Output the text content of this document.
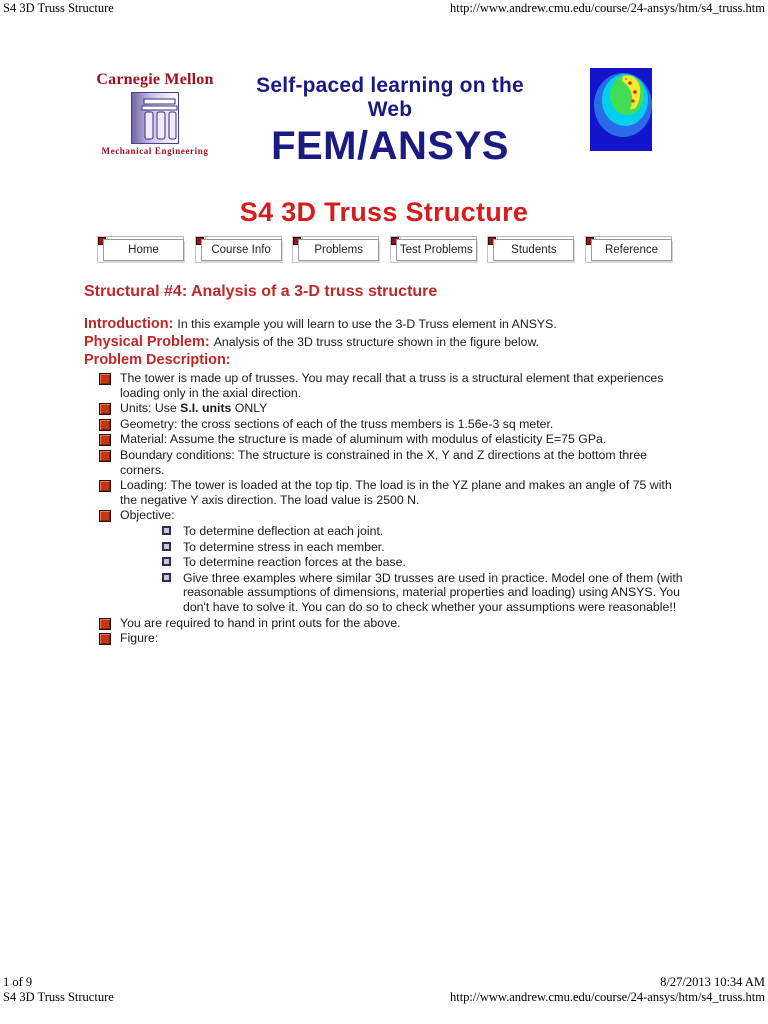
S4 3D Truss Structure	http://www.andrew.cmu.edu/course/24-ansys/htm/s4_truss.htm
Carnegie Mellon
Mechanical Engineering
Self-paced learning on the Web
FEM/ANSYS
S4 3D Truss Structure
Home	Course Info	Problems	Test Problems	Students	Reference
Structural #4: Analysis of a 3-D truss structure

Introduction: In this example you will learn to use the 3-D Truss element in ANSYS.

Physical Problem: Analysis of the 3D truss structure shown in the figure below.

Problem Description:

The tower is made up of trusses. You may recall that a truss is a structural element that experiences loading only in the axial direction.
Units: Use S.I. units ONLY
Geometry: the cross sections of each of the truss members is 1.56e-3 sq meter.
Material: Assume the structure is made of aluminum with modulus of elasticity E=75 GPa.
Boundary conditions: The structure is constrained in the X, Y and Z directions at the bottom three corners.
Loading: The tower is loaded at the top tip. The load is in the YZ plane and makes an angle of 75 with the negative Y axis direction. The load value is 2500 N.
Objective:
To determine deflection at each joint.
To determine stress in each member.
To determine reaction forces at the base.
Give three examples where similar 3D trusses are used in practice. Model one of them (with reasonable assumptions of dimensions, material properties and loading) using ANSYS. You don't have to solve it. You can do so to check whether your assumptions were reasonable!!
You are required to hand in print outs for the above.
Figure:
1 of 9	8/27/2013 10:34 AM
S4 3D Truss Structure	http://www.andrew.cmu.edu/course/24-ansys/htm/s4_truss.htm
